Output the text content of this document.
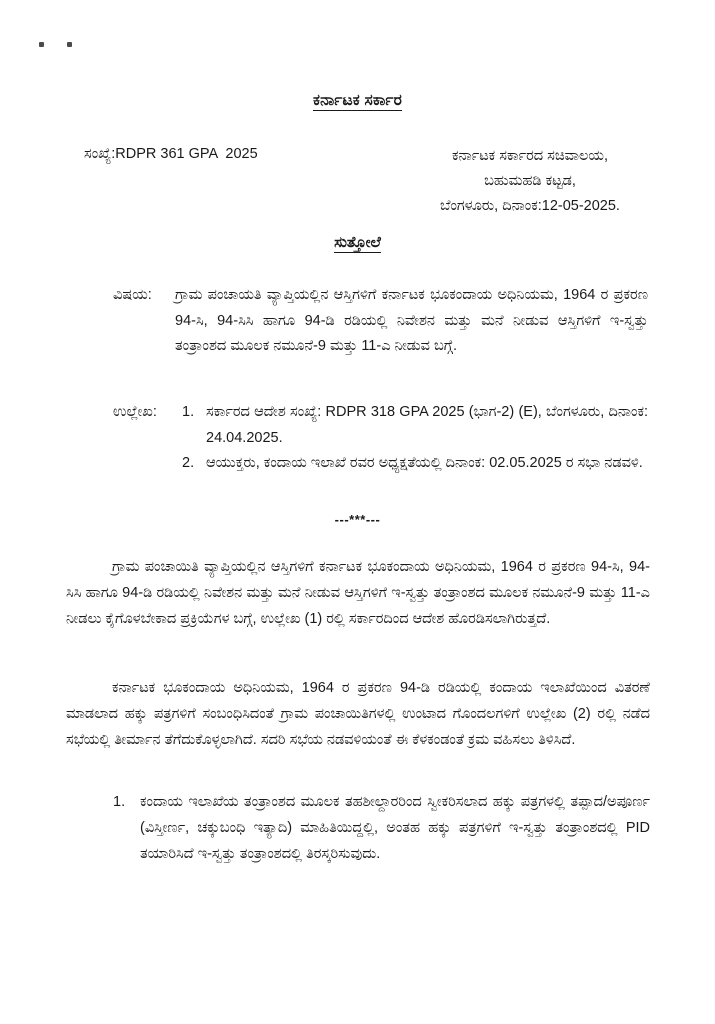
ಕರ್ನಾಟಕ ಸರ್ಕಾರ
ಸಂಖ್ಯೆ:RDPR 361 GPA  2025	ಕರ್ನಾಟಕ ಸರ್ಕಾರದ ಸಚಿವಾಲಯ,
ಬಹುಮಹಡಿ ಕಟ್ಟಡ,
ಬೆಂಗಳೂರು, ದಿನಾಂಕ:12-05-2025.
ಸುತ್ತೋಲೆ
ವಿಷಯ: ಗ್ರಾಮ ಪಂಚಾಯತಿ ವ್ಯಾಪ್ತಿಯಲ್ಲಿನ ಆಸ್ತಿಗಳಿಗೆ ಕರ್ನಾಟಕ ಭೂಕಂದಾಯ ಅಧಿನಿಯಮ, 1964 ರ ಪ್ರಕರಣ 94-ಸಿ, 94-ಸಿಸಿ ಹಾಗೂ 94-ಡಿ ರಡಿಯಲ್ಲಿ ನಿವೇಶನ ಮತ್ತು ಮನೆ ನೀಡುವ ಆಸ್ತಿಗಳಿಗೆ ಇ-ಸ್ವತ್ತು ತಂತ್ರಾಂಶದ ಮೂಲಕ ನಮೂನೆ-9 ಮತ್ತು 11-ಎ ನೀಡುವ ಬಗ್ಗೆ.

ಉಲ್ಲೇಖ: 1. ಸರ್ಕಾರದ ಆದೇಶ ಸಂಖ್ಯೆ: RDPR 318 GPA 2025 (ಭಾಗ-2) (E), ಬೆಂಗಳೂರು, ದಿನಾಂಕ: 24.04.2025.
2. ಆಯುಕ್ತರು, ಕಂದಾಯ ಇಲಾಖೆ ರವರ ಅಧ್ಯಕ್ಷತೆಯಲ್ಲಿ ದಿನಾಂಕ: 02.05.2025 ರ ಸಭಾ ನಡವಳಿ.
---***---
ಗ್ರಾಮ ಪಂಚಾಯಿತಿ ವ್ಯಾಪ್ತಿಯಲ್ಲಿನ ಆಸ್ತಿಗಳಿಗೆ ಕರ್ನಾಟಕ ಭೂಕಂದಾಯ ಅಧಿನಿಯಮ, 1964 ರ ಪ್ರಕರಣ 94-ಸಿ, 94-ಸಿಸಿ ಹಾಗೂ 94-ಡಿ ರಡಿಯಲ್ಲಿ ನಿವೇಶನ ಮತ್ತು ಮನೆ ನೀಡುವ ಆಸ್ತಿಗಳಿಗೆ ಇ-ಸ್ವತ್ತು ತಂತ್ರಾಂಶದ ಮೂಲಕ ನಮೂನೆ-9 ಮತ್ತು 11-ಎ ನೀಡಲು ಕೈಗೊಳಬೇಕಾದ ಪ್ರಕ್ರಿಯೆಗಳ ಬಗ್ಗೆ, ಉಲ್ಲೇಖ (1) ರಲ್ಲಿ ಸರ್ಕಾರದಿಂದ ಆದೇಶ ಹೊರಡಿಸಲಾಗಿರುತ್ತದೆ.
ಕರ್ನಾಟಕ ಭೂಕಂದಾಯ ಅಧಿನಿಯಮ, 1964 ರ ಪ್ರಕರಣ 94-ಡಿ ರಡಿಯಲ್ಲಿ ಕಂದಾಯ ಇಲಾಖೆಯಿಂದ ವಿತರಣೆ ಮಾಡಲಾದ ಹಕ್ಕು ಪತ್ರಗಳಿಗೆ ಸಂಬಂಧಿಸಿದಂತೆ ಗ್ರಾಮ ಪಂಚಾಯಿತಿಗಳಲ್ಲಿ ಉಂಟಾದ ಗೊಂದಲಗಳಿಗೆ ಉಲ್ಲೇಖ (2) ರಲ್ಲಿ ನಡೆದ ಸಭೆಯಲ್ಲಿ ತೀರ್ಮಾನ ತೆಗೆದುಕೊಳ್ಳಲಾಗಿದೆ. ಸದರಿ ಸಭೆಯ ನಡವಳಿಯಂತೆ ಈ ಕೆಳಕಂಡಂತೆ ಕ್ರಮ ವಹಿಸಲು ತಿಳಿಸಿದೆ.
1. ಕಂದಾಯ ಇಲಾಖೆಯ ತಂತ್ರಾಂಶದ ಮೂಲಕ ತಹಶೀಲ್ದಾರರಿಂದ ಸ್ವೀಕರಿಸಲಾದ ಹಕ್ಕು ಪತ್ರಗಳಲ್ಲಿ ತಪ್ಪಾದ/ಅಪೂರ್ಣ (ವಿಸ್ತೀರ್ಣ, ಚಕ್ಕುಬಂಧಿ ಇತ್ಯಾದಿ) ಮಾಹಿತಿಯಿದ್ದಲ್ಲಿ, ಅಂತಹ ಹಕ್ಕು ಪತ್ರಗಳಿಗೆ ಇ-ಸ್ವತ್ತು ತಂತ್ರಾಂಶದಲ್ಲಿ PID ತಯಾರಿಸಿದೆ ಇ-ಸ್ವತ್ತು ತಂತ್ರಾಂಶದಲ್ಲಿ ತಿರಸ್ಕರಿಸುವುದು.
